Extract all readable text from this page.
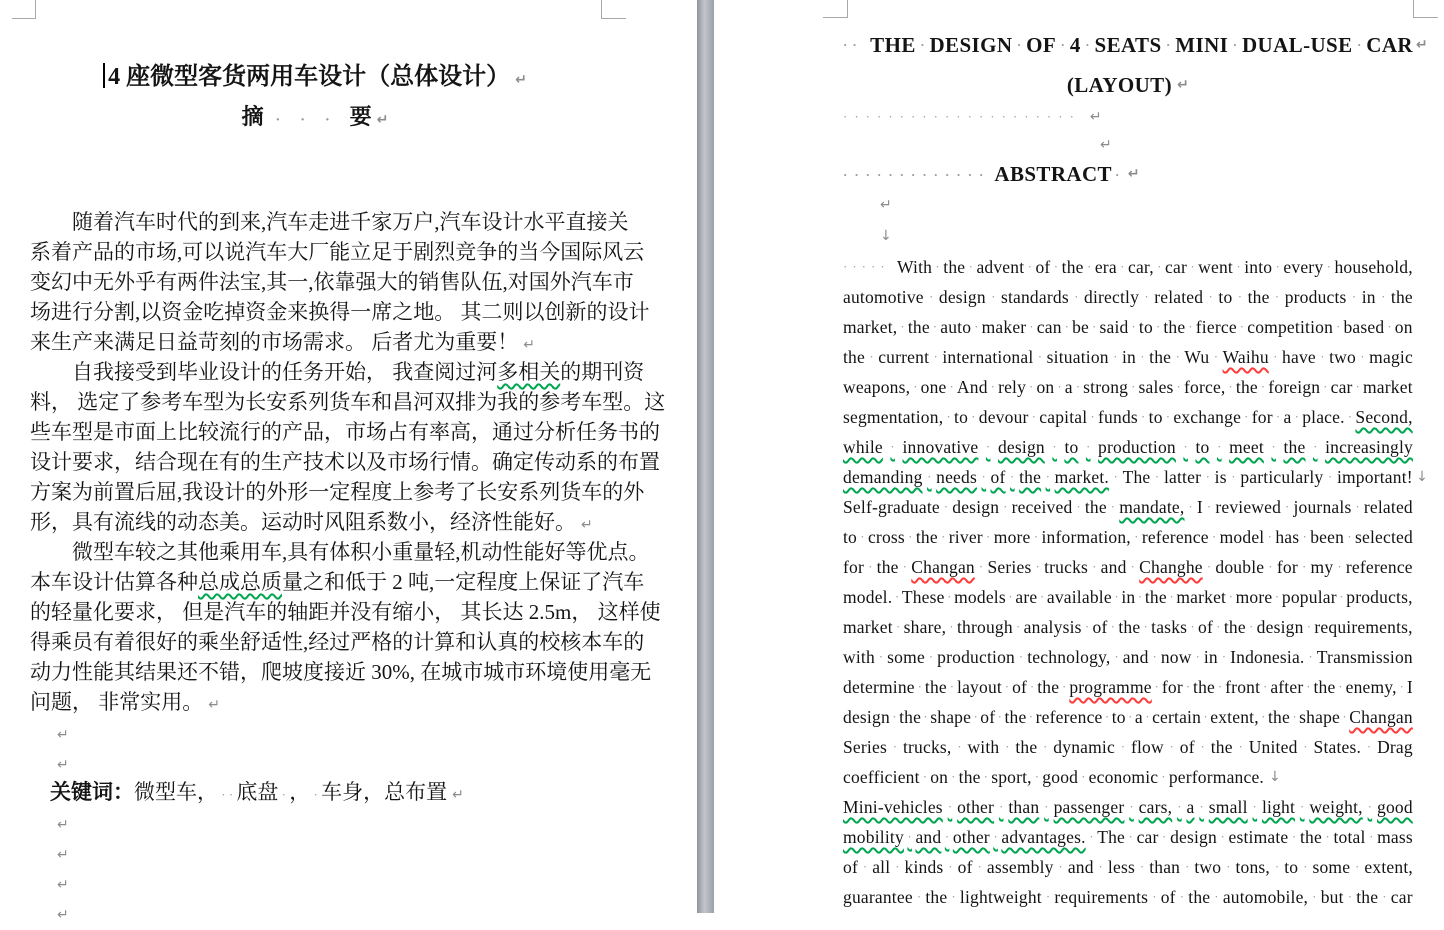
4 座微型客货两用车设计（总体设计） ↵
摘 · · · 要 ↵
随着汽车时代的到来,汽车走进千家万户,汽车设计水平直接关
系着产品的市场,可以说汽车大厂能立足于剧烈竞争的当今国际风云
变幻中无外乎有两件法宝,其一,依靠强大的销售队伍,对国外汽车市
场进行分割,以资金吃掉资金来换得一席之地。 其二则以创新的设计
来生产来满足日益苛刻的市场需求。 后者尤为重要！ ↵
自我接受到毕业设计的任务开始， 我查阅过河多相关的期刊资
料， 选定了参考车型为长安系列货车和昌河双排为我的参考车型。这
些车型是市面上比较流行的产品，市场占有率高，通过分析任务书的
设计要求，结合现在有的生产技术以及市场行情。确定传动系的布置
方案为前置后屈,我设计的外形一定程度上参考了长安系列货车的外
形，具有流线的动态美。运动时风阻系数小，经济性能好。 ↵
微型车较之其他乘用车,具有体积小重量轻,机动性能好等优点。
本车设计估算各种总成总质量之和低于 2 吨,一定程度上保证了汽车
的轻量化要求， 但是汽车的轴距并没有缩小， 其长达 2.5m， 这样使
得乘员有着很好的乘坐舒适性,经过严格的计算和认真的校核本车的
动力性能其结果还不错，爬坡度接近 30%, 在城市城市环境使用毫无
问题， 非常实用。 ↵
↵
↵
关键词：微型车， · · 底盘 · ， · 车身，总布置 ↵
↵
↵
↵
↵
·· THE · DESIGN · OF · 4 · SEATS · MINI · DUAL-USE · CAR ↵
(LAYOUT) ↵
····················· ↵
↵
············· ABSTRACT · ↵
↵
↓
····· With · the · advent · of · the · era · car, · car · went · into · every · household,
automotive · design · standards · directly · related · to · the · products · in · the
market, · the · auto · maker · can · be · said · to · the · fierce · competition · based · on
the · current · international · situation · in · the · Wu · Waihu · have · two · magic
weapons, · one · And · rely · on · a · strong · sales · force, · the · foreign · car · market
segmentation, · to · devour · capital · funds · to · exchange · for · a · place. · Second,
while · innovative · design · to · production · to · meet · the · increasingly
demanding · needs · of · the · market. · The · latter · is · particularly · important! ↓
Self-graduate · design · received · the · mandate, · I · reviewed · journals · related
to · cross · the · river · more · information, · reference · model · has · been · selected
for · the · Changan · Series · trucks · and · Changhe · double · for · my · reference
model. · These · models · are · available · in · the · market · more · popular · products,
market · share, · through · analysis · of · the · tasks · of · the · design · requirements,
with · some · production · technology, · and · now · in · Indonesia. · Transmission
determine · the · layout · of · the · programme · for · the · front · after · the · enemy, · I
design · the · shape · of · the · reference · to · a · certain · extent, · the · shape · Changan
Series · trucks, · with · the · dynamic · flow · of · the · United · States. · Drag
coefficient · on · the · sport, · good · economic · performance. ↓
Mini-vehicles · other · than · passenger · cars, · a · small · light · weight, · good
mobility · and · other · advantages. · The · car · design · estimate · the · total · mass
of · all · kinds · of · assembly · and · less · than · two · tons, · to · some · extent,
guarantee · the · lightweight · requirements · of · the · automobile, · but · the · car
